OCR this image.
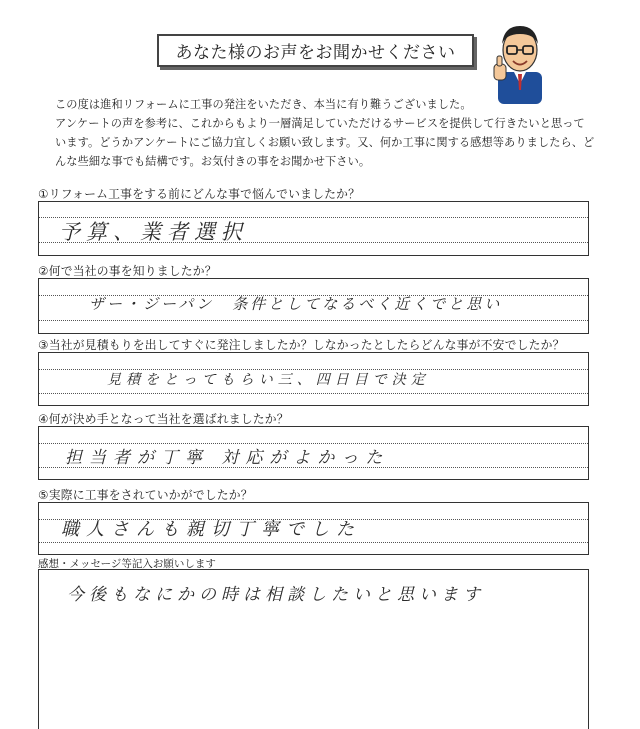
あなた様のお声をお聞かせください

この度は進和リフォームに工事の発注をいただき、本当に有り難うございました。

アンケートの声を参考に、これからもより一層満足していただけるサービスを提供して行きたいと思って

います。どうかアンケートにご協力宜しくお願い致します。又、何か工事に関する感想等ありましたら、ど

んな些細な事でも結構です。お気付きの事をお聞かせ下さい。

①リフォーム工事をする前にどんな事で悩んでいましたか？
予算、業者選択
②何で当社の事を知りましたか？
ザー・ジーパン　条件としてなるべく近くでと思い
③当社が見積もりを出してすぐに発注しましたか？しなかったとしたらどんな事が不安でしたか？
見積をとってもらい三、四日目で決定
④何が決め手となって当社を選ばれましたか？
担当者が丁寧 対応がよかった
⑤実際に工事をされていかがでしたか？
職人さんも親切丁寧でした
感想・メッセージ等記入お願いします
今後もなにかの時は相談したいと思います
